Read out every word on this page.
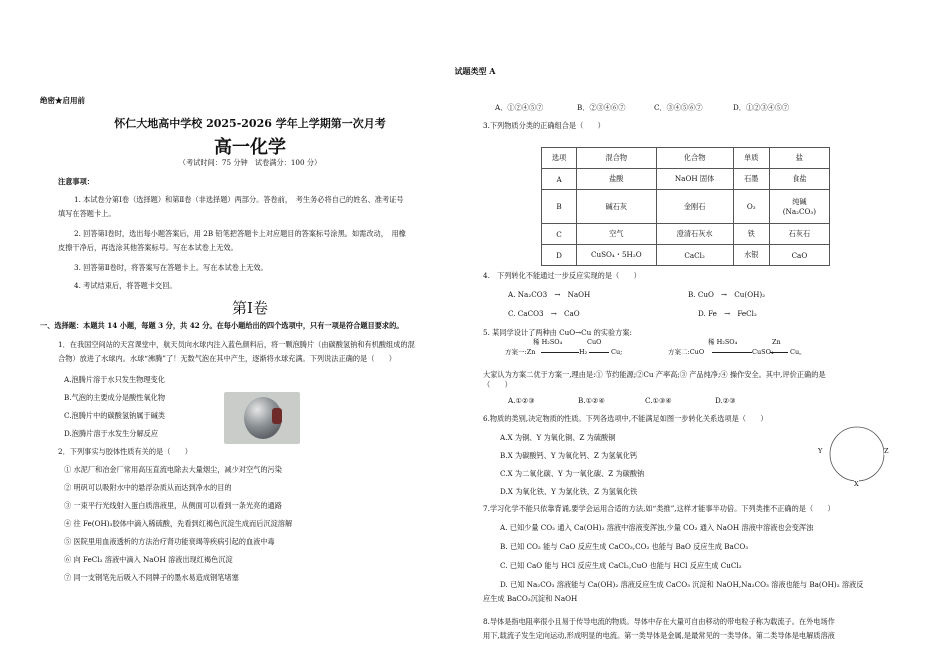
试题类型 A
绝密★启用前
怀仁大地高中学校 2025-2026 学年上学期第一次月考
高一化学
（考试时间：75 分钟　试卷满分：100 分）
注意事项：
1. 本试卷分第Ⅰ卷（选择题）和第Ⅱ卷（非选择题）两部分。答卷前，　考生务必将自己的姓名、准考证号
填写在答题卡上。
2. 回答第Ⅰ卷时，选出每小题答案后，用 2B 铅笔把答题卡上对应题目的答案标号涂黑。如需改动，　用橡
皮擦干净后，再选涂其他答案标号。写在本试卷上无效。
3. 回答第Ⅱ卷时，将答案写在答题卡上。写在本试卷上无效。
4. 考试结束后，将答题卡交回。
第Ⅰ卷
一、选择题：本题共 14 小题，每题 3 分，共 42 分。在每小题给出的四个选项中，只有一项是符合题目要求的。
1．在我国空间站的天宫课堂中，航天员向水球内注入蓝色颜料后，将一颗泡腾片（由碳酸氢钠和有机酸组成的混
合物）放进了水球内。水球“沸腾”了！无数气泡在其中产生，逐渐将水球充满。下列说法正确的是（　　）
A.泡腾片溶于水只发生物理变化
B.气泡的主要成分是酸性氧化物
C.泡腾片中的碳酸氢钠属于碱类
D.泡腾片溶于水发生分解反应
2．下列事实与胶体性质有关的是（　　）
① 水泥厂和冶金厂常用高压直流电除去大量烟尘，减少对空气的污染
② 明矾可以吸附水中的悬浮杂质从而达到净水的目的
③ 一束平行光线射入蛋白质溶液里，从侧面可以看到一条光亮的通路
④ 往 Fe(OH)₃胶体中滴入稀硫酸，先看到红褐色沉淀生成而后沉淀溶解
⑤ 医院里用血液透析的方法治疗肾功能衰竭等疾病引起的血液中毒
⑥ 向 FeCl₃ 溶液中滴入 NaOH 溶液出现红褐色沉淀
⑦ 同一支钢笔先后吸入不同牌子的墨水易造成钢笔堵塞
A．①②④⑤⑦	B．②③④⑥⑦	C．③④⑤⑥⑦	D．①②③④⑤⑦
3.下列物质分类的正确组合是（　　）
选项	混合物	化合物	单质	盐
A	盐酸	NaOH 固体	石墨	食盐
B	碱石灰	金刚石	O₃	纯碱
(Na₂CO₃)

C	空气	澄清石灰水	铁	石灰石
D	CuSO₄・5H₂O	CaCl₂	水银	CaO
4.　下列转化不能通过一步反应实现的是（　　）
A. Na₂CO3　→　NaOH	B. CuO　→　Cu(OH)₂
C. CaCO3　→　CaO	D. Fe　→　FeCl₂
5. 某同学设计了两种由 CuO→Cu 的实验方案:
稀 H₂SO₄	CuO
方案一:Zn	H₂	Cu;
稀 H₂SO₄	Zn
方案二:CuO	CuSO₄	Cu。
大家认为方案二优于方案一,理由是:① 节约能源;②Cu 产率高;③ 产品纯净;④ 操作安全。其中,评价正确的是
（　　）
A.①②③	B.①②④	C.①③④	D.②③
6.物质的类别,决定物质的性质。下列各选项中,不能满足如图一步转化关系选项是（　　）
A.X 为铜、Y 为氧化铜、Z 为硫酸铜
B.X 为碳酸钙、Y 为氧化钙、Z 为氢氧化钙
C.X 为二氧化碳、Y 为一氧化碳、Z 为碳酸钠
D.X 为氧化铁、Y 为氯化铁、Z 为氢氧化铁
Y	Z
X
7.学习化学不能只依靠背诵,要学会运用合适的方法,如“类推”,这样才能事半功倍。下列类推不正确的是（　　）
A. 已知少量 CO₂ 通入 Ca(OH)₂ 溶液中溶液变浑浊,少量 CO₂ 通入 NaOH 溶液中溶液也会变浑浊
B. 已知 CO₂ 能与 CaO 反应生成 CaCO₃,CO₂ 也能与 BaO 反应生成 BaCO₃
C. 已知 CaO 能与 HCl 反应生成 CaCl₂,CuO 也能与 HCl 反应生成 CuCl₂
D. 已知 Na₂CO₃ 溶液能与 Ca(OH)₂ 溶液反应生成 CaCO₃ 沉淀和 NaOH,Na₂CO₃ 溶液也能与 Ba(OH)₂ 溶液反
应生成 BaCO₃沉淀和 NaOH
8.导体是指电阻率很小且易于传导电流的物质。导体中存在大量可自由移动的带电粒子称为载流子。在外电场作
用下,载流子发生定向运动,形成明显的电流。第一类导体是金属,是最常见的一类导体。第二类导体是电解质溶液
